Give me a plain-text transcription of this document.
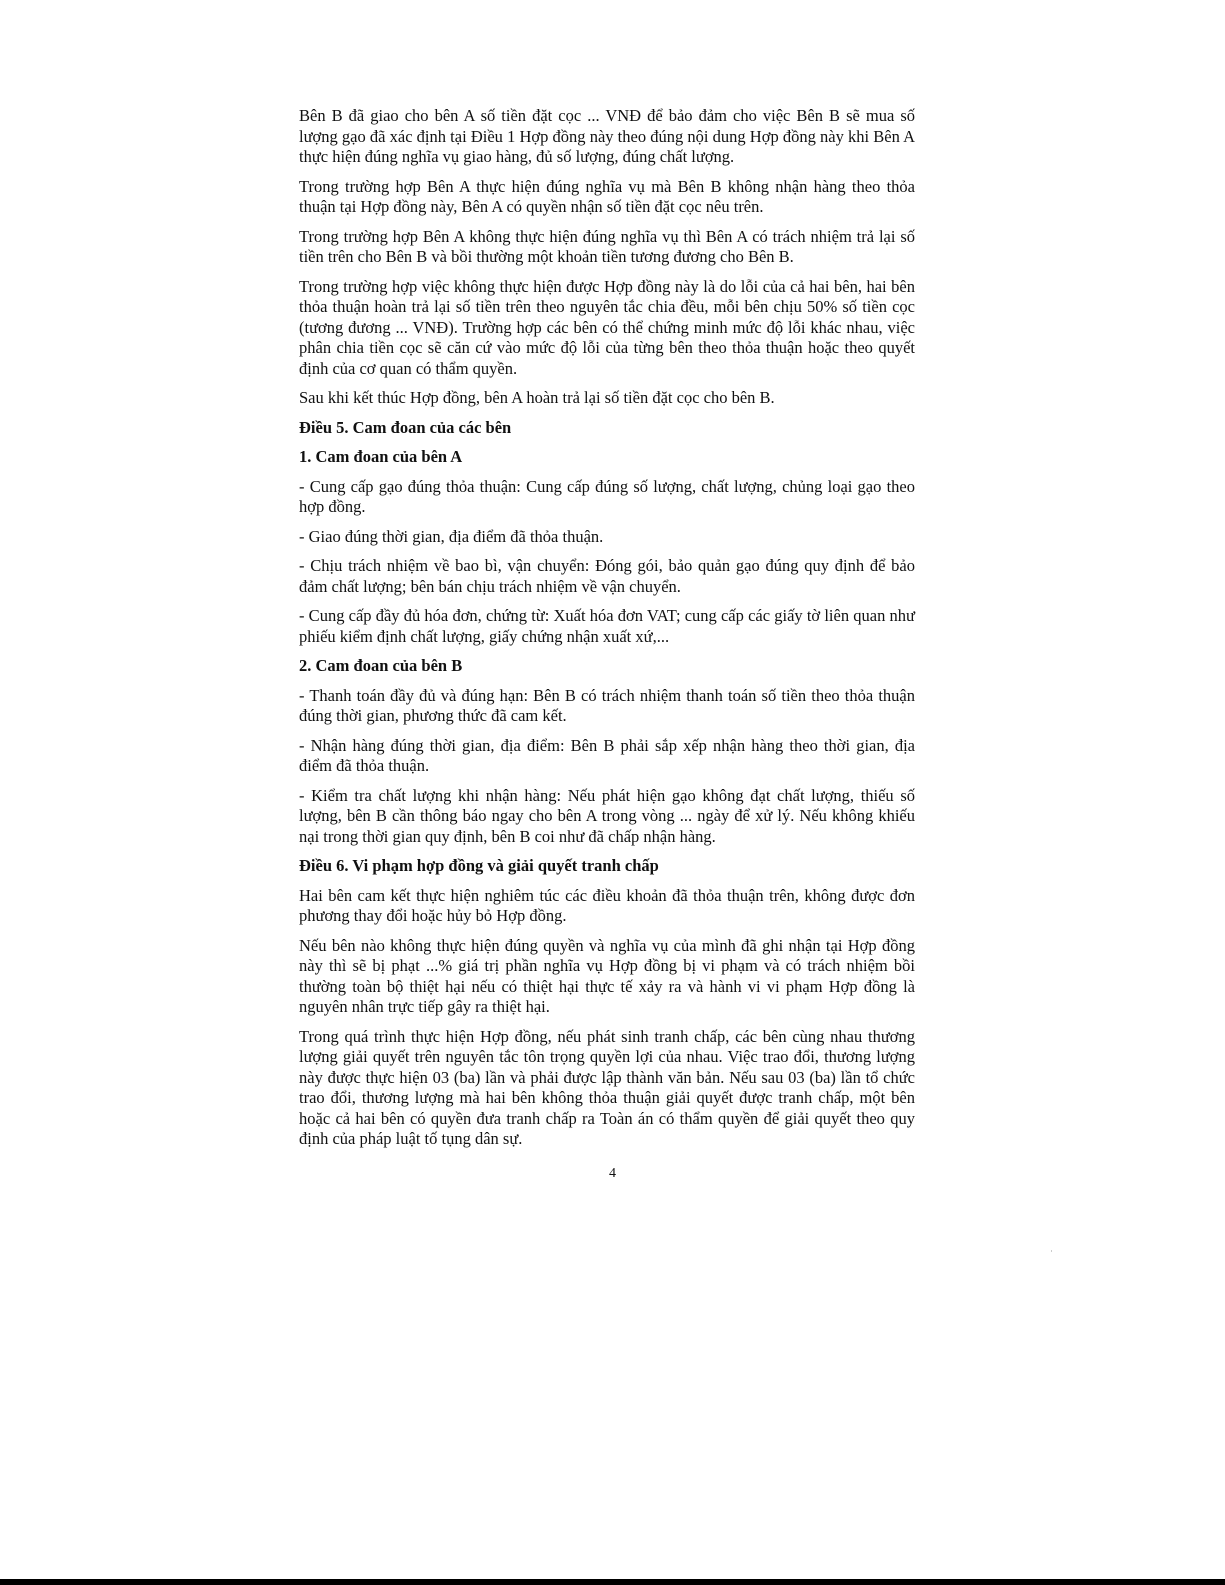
Bên B đã giao cho bên A số tiền đặt cọc ... VNĐ để bảo đảm cho việc Bên B sẽ mua số lượng gạo đã xác định tại Điều 1 Hợp đồng này theo đúng nội dung Hợp đồng này khi Bên A thực hiện đúng nghĩa vụ giao hàng, đủ số lượng, đúng chất lượng.

Trong trường hợp Bên A thực hiện đúng nghĩa vụ mà Bên B không nhận hàng theo thỏa thuận tại Hợp đồng này, Bên A có quyền nhận số tiền đặt cọc nêu trên.

Trong trường hợp Bên A không thực hiện đúng nghĩa vụ thì Bên A có trách nhiệm trả lại số tiền trên cho Bên B và bồi thường một khoản tiền tương đương cho Bên B.

Trong trường hợp việc không thực hiện được Hợp đồng này là do lỗi của cả hai bên, hai bên thỏa thuận hoàn trả lại số tiền trên theo nguyên tắc chia đều, mỗi bên chịu 50% số tiền cọc (tương đương ... VNĐ). Trường hợp các bên có thể chứng minh mức độ lỗi khác nhau, việc phân chia tiền cọc sẽ căn cứ vào mức độ lỗi của từng bên theo thỏa thuận hoặc theo quyết định của cơ quan có thẩm quyền.

Sau khi kết thúc Hợp đồng, bên A hoàn trả lại số tiền đặt cọc cho bên B.

Điều 5. Cam đoan của các bên

1. Cam đoan của bên A

- Cung cấp gạo đúng thỏa thuận: Cung cấp đúng số lượng, chất lượng, chủng loại gạo theo hợp đồng.

- Giao đúng thời gian, địa điểm đã thỏa thuận.

- Chịu trách nhiệm về bao bì, vận chuyển: Đóng gói, bảo quản gạo đúng quy định để bảo đảm chất lượng; bên bán chịu trách nhiệm về vận chuyển.

- Cung cấp đầy đủ hóa đơn, chứng từ: Xuất hóa đơn VAT; cung cấp các giấy tờ liên quan như phiếu kiểm định chất lượng, giấy chứng nhận xuất xứ,...

2. Cam đoan của bên B

- Thanh toán đầy đủ và đúng hạn: Bên B có trách nhiệm thanh toán số tiền theo thỏa thuận đúng thời gian, phương thức đã cam kết.

- Nhận hàng đúng thời gian, địa điểm: Bên B phải sắp xếp nhận hàng theo thời gian, địa điểm đã thỏa thuận.

- Kiểm tra chất lượng khi nhận hàng: Nếu phát hiện gạo không đạt chất lượng, thiếu số lượng, bên B cần thông báo ngay cho bên A trong vòng ... ngày để xử lý. Nếu không khiếu nại trong thời gian quy định, bên B coi như đã chấp nhận hàng.

Điều 6. Vi phạm hợp đồng và giải quyết tranh chấp

Hai bên cam kết thực hiện nghiêm túc các điều khoản đã thỏa thuận trên, không được đơn phương thay đổi hoặc hủy bỏ Hợp đồng.

Nếu bên nào không thực hiện đúng quyền và nghĩa vụ của mình đã ghi nhận tại Hợp đồng này thì sẽ bị phạt ...% giá trị phần nghĩa vụ Hợp đồng bị vi phạm và có trách nhiệm bồi thường toàn bộ thiệt hại nếu có thiệt hại thực tế xảy ra và hành vi vi phạm Hợp đồng là nguyên nhân trực tiếp gây ra thiệt hại.

Trong quá trình thực hiện Hợp đồng, nếu phát sinh tranh chấp, các bên cùng nhau thương lượng giải quyết trên nguyên tắc tôn trọng quyền lợi của nhau. Việc trao đổi, thương lượng này được thực hiện 03 (ba) lần và phải được lập thành văn bản. Nếu sau 03 (ba) lần tổ chức trao đổi, thương lượng mà hai bên không thỏa thuận giải quyết được tranh chấp, một bên hoặc cả hai bên có quyền đưa tranh chấp ra Toàn án có thẩm quyền để giải quyết theo quy định của pháp luật tố tụng dân sự.

4
